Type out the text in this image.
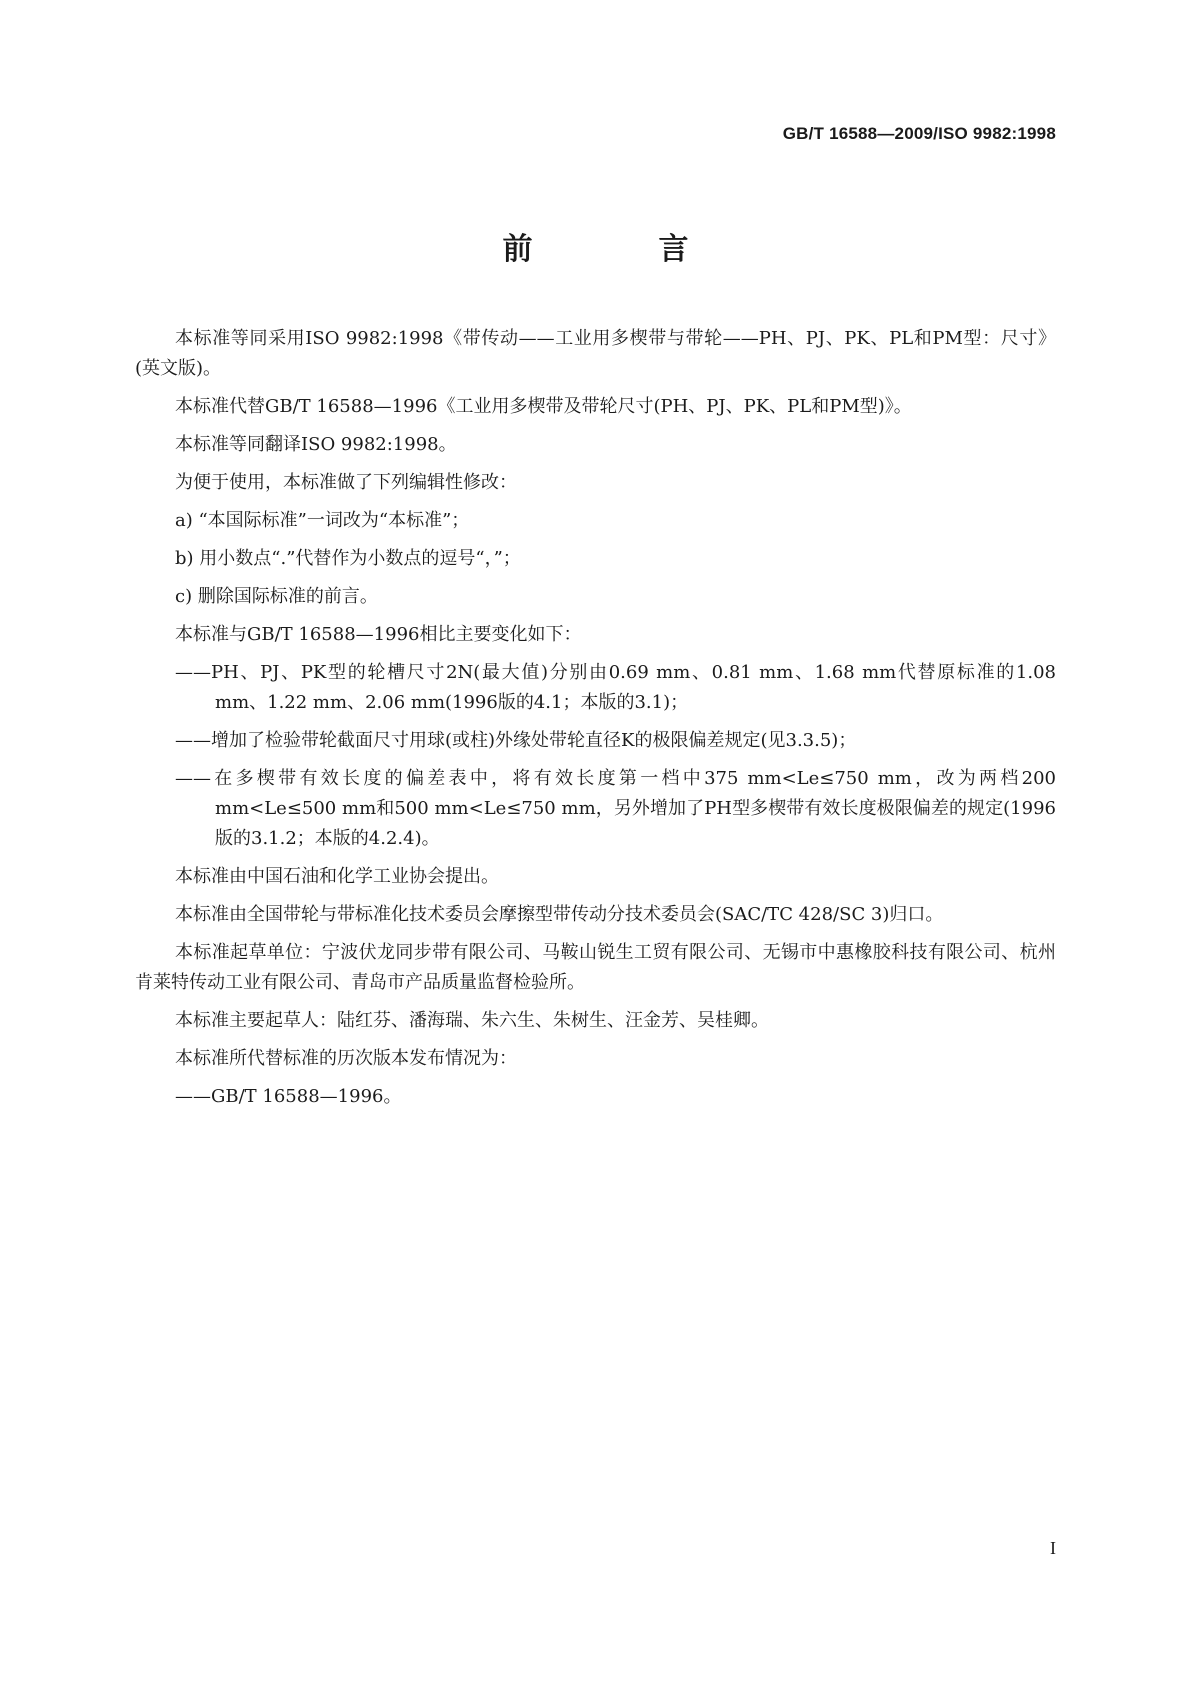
GB/T 16588—2009/ISO 9982:1998
前　言

本标准等同采用ISO 9982:1998《带传动——工业用多楔带与带轮——PH、PJ、PK、PL和PM型：尺寸》(英文版)。

本标准代替GB/T 16588—1996《工业用多楔带及带轮尺寸(PH、PJ、PK、PL和PM型)》。

本标准等同翻译ISO 9982:1998。

为便于使用，本标准做了下列编辑性修改：

a) “本国际标准”一词改为“本标准”；

b) 用小数点“.”代替作为小数点的逗号“，”；

c) 删除国际标准的前言。

本标准与GB/T 16588—1996相比主要变化如下：

——PH、PJ、PK型的轮槽尺寸2N(最大值)分别由0.69 mm、0.81 mm、1.68 mm代替原标准的1.08 mm、1.22 mm、2.06 mm(1996版的4.1；本版的3.1)；

——增加了检验带轮截面尺寸用球(或柱)外缘处带轮直径K的极限偏差规定(见3.3.5)；

——在多楔带有效长度的偏差表中，将有效长度第一档中375 mm<Le≤750 mm，改为两档200 mm<Le≤500 mm和500 mm<Le≤750 mm，另外增加了PH型多楔带有效长度极限偏差的规定(1996版的3.1.2；本版的4.2.4)。

本标准由中国石油和化学工业协会提出。

本标准由全国带轮与带标准化技术委员会摩擦型带传动分技术委员会(SAC/TC 428/SC 3)归口。

本标准起草单位：宁波伏龙同步带有限公司、马鞍山锐生工贸有限公司、无锡市中惠橡胶科技有限公司、杭州肯莱特传动工业有限公司、青岛市产品质量监督检验所。

本标准主要起草人：陆红芬、潘海瑞、朱六生、朱树生、汪金芳、吴桂卿。

本标准所代替标准的历次版本发布情况为：

——GB/T 16588—1996。

I
